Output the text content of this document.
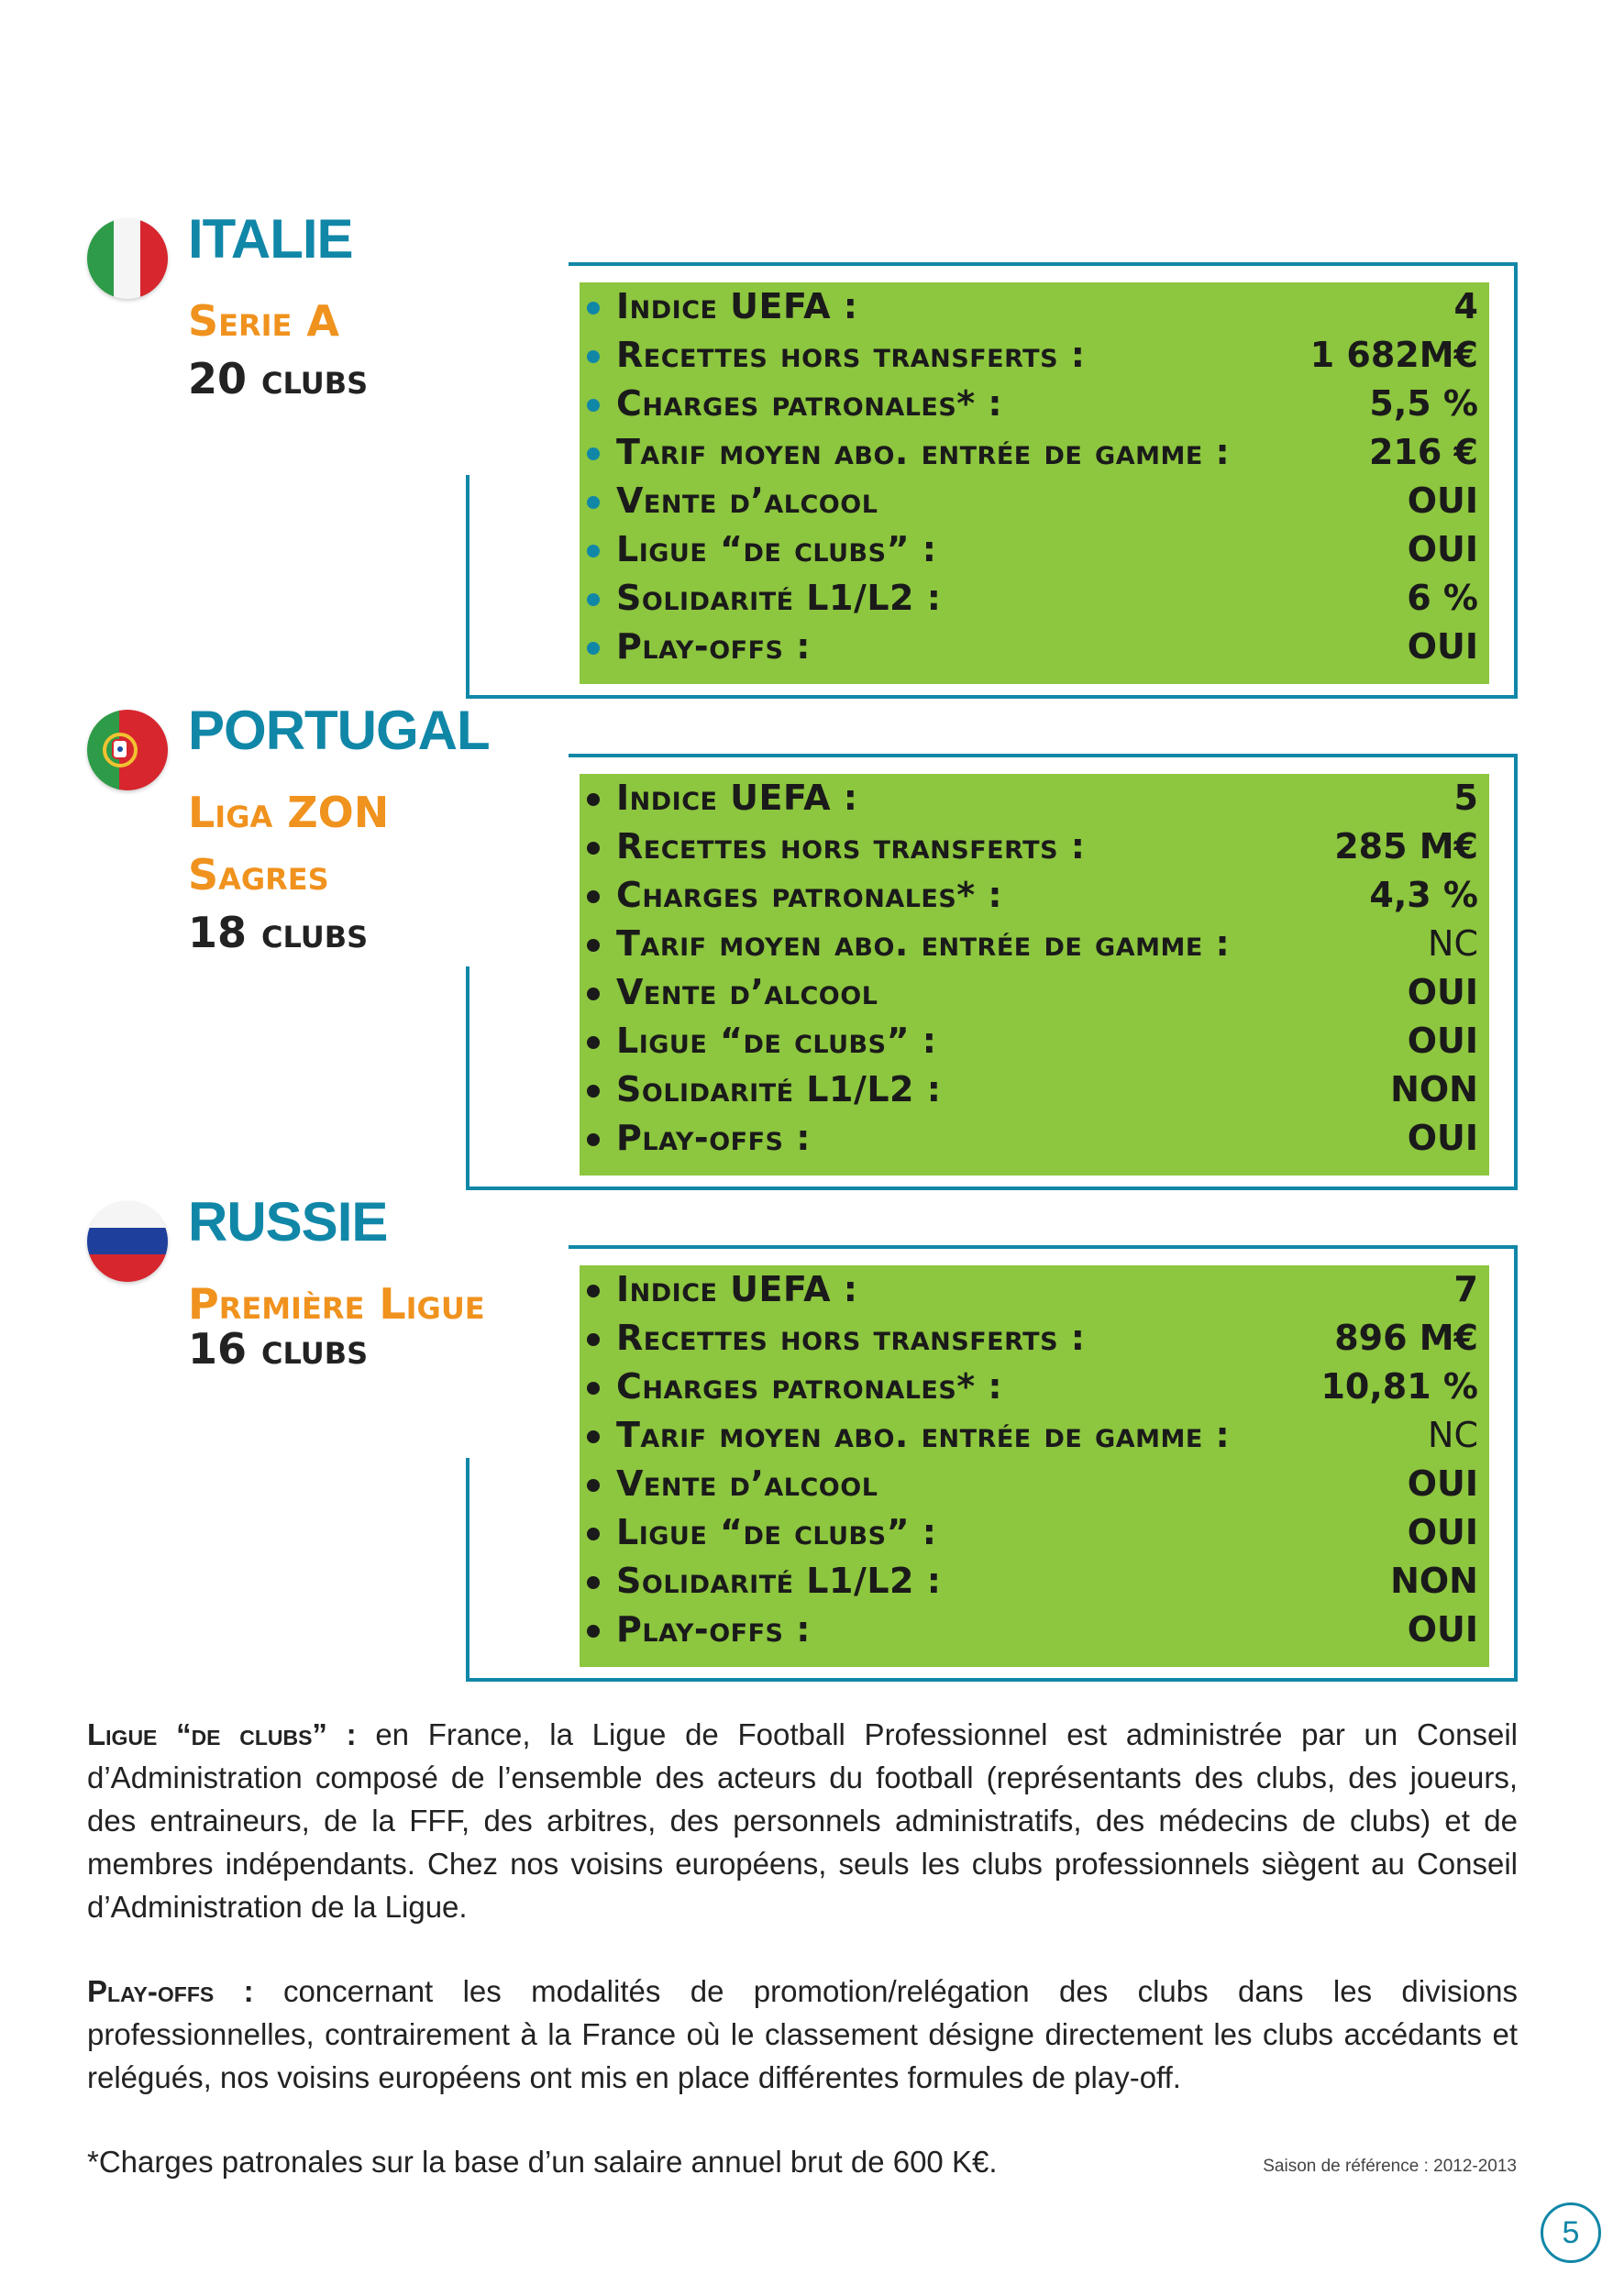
ITALIE

Serie A

20 clubs

Indice UEFA :	4
Recettes hors transferts :	1 682M€
Charges patronales* :	5,5 %
Tarif moyen abo. entrée de gamme :	216 €
Vente d’alcool	OUI
Ligue “de clubs” :	OUI
Solidarité L1/L2 :	6 %
Play-offs :	OUI
PORTUGAL

Liga ZON
Sagres

18 clubs

Indice UEFA :	5
Recettes hors transferts :	285 M€
Charges patronales* :	4,3 %
Tarif moyen abo. entrée de gamme :	NC
Vente d’alcool	OUI
Ligue “de clubs” :	OUI
Solidarité L1/L2 :	NON
Play-offs :	OUI
RUSSIE

Première Ligue

16 clubs

Indice UEFA :	7
Recettes hors transferts :	896 M€
Charges patronales* :	10,81 %
Tarif moyen abo. entrée de gamme :	NC
Vente d’alcool	OUI
Ligue “de clubs” :	OUI
Solidarité L1/L2 :	NON
Play-offs :	OUI

Ligue “de clubs” : en France, la Ligue de Football Professionnel est administrée par un Conseil d’Administration composé de l’ensemble des acteurs du football (représentants des clubs, des joueurs, des entraineurs, de la FFF, des arbitres, des personnels administratifs, des médecins de clubs) et de membres indépendants. Chez nos voisins européens, seuls les clubs professionnels siègent au Conseil d’Administration de la Ligue.

Play-offs : concernant les modalités de promotion/relégation des clubs dans les divisions professionnelles, contrairement à la France où le classement désigne directement les clubs accédants et relégués, nos voisins européens ont mis en place différentes formules de play-off.

*Charges patronales sur la base d’un salaire annuel brut de 600 K€.	Saison de référence : 2012-2013

5
